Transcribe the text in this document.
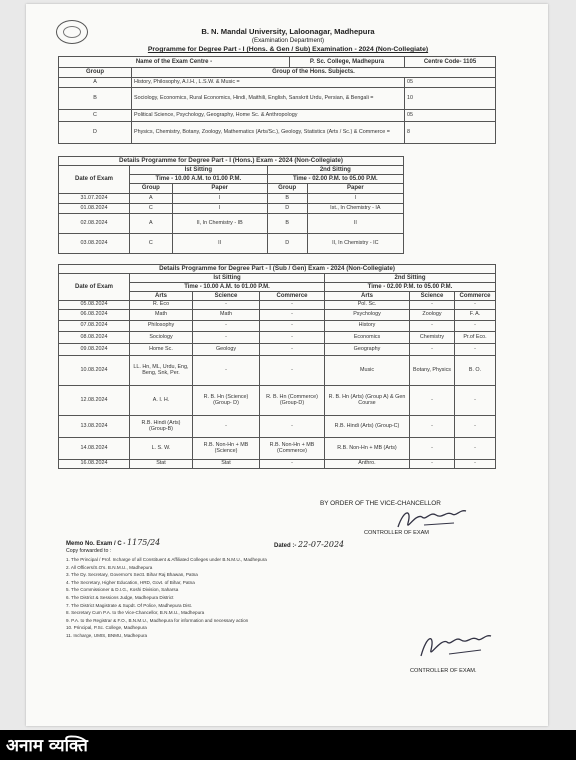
B. N. Mandal University, Laloonagar, Madhepura
(Examination Department)
Programme for Degree Part - I (Hons. & Gen / Sub) Examination - 2024 (Non-Collegiate)
Name of the Exam Centre -		P. Sc. College, Madhepura	Centre Code- 1105
Group	Group of the Hons. Subjects.		
A	History, Philosophy, A.I.H., L.S.W. & Music =		05
B	Sociology, Economics, Rural Economics, Hindi, Maithili, English, Sanskrit Urdu, Persian, & Bengali =		10
C	Political Science, Psychology, Geography, Home Sc. & Anthropology		05
D	Physics, Chemistry, Botany, Zoology, Mathematics (Arts/Sc.), Geology, Statistics (Arts / Sc.) & Commerce =		8
Details Programme for Degree Part - I (Hons.) Exam - 2024 (Non-Collegiate)				
Date of Exam	Ist Sitting		2nd Sitting	
	Time - 10.00 A.M. to 01.00 P.M.		Time - 02.00 P.M. to 05.00 P.M.	
	Group	Paper	Group	Paper
31.07.2024	A	I	B	I
01.08.2024	C	I	D	Ist., In Chemistry - IA
02.08.2024	A	II, In Chemistry - IB	B	II
03.08.2024	C	II	D	II, In Chemistry - IC
Details Programme for Degree Part - I (Sub / Gen) Exam - 2024 (Non-Collegiate)						
Date of Exam	Ist Sitting			2nd Sitting		
	Time - 10.00 A.M. to 01.00 P.M.			Time - 02.00 P.M. to 05.00 P.M.		
	Arts	Science	Commerce	Arts	Science	Commerce
05.08.2024	R. Eco	-	-	Pol. Sc.	-	-
06.08.2024	Math	Math	-	Psychology	Zoology	F. A.
07.08.2024	Philosophy	-	-	History	-	-
08.08.2024	Sociology	-	-	Economics	Chemistry	Pr.of Eco.
09.08.2024	Home Sc.	Geology	-	Geography	-	-
10.08.2024	LL. Hn, ML, Urdu, Eng, Beng, Snk, Per.	-	-	Music	Botany, Physics	B. O.
12.08.2024	A. I. H.	R. B. Hn (Science) (Group- D)	R. B. Hn (Commerce) (Group-D)	R. B. Hn (Arts) (Group A) & Gen Course	-	-
13.08.2024	R.B. Hindi (Arts) (Group-B)	-	-	R.B. Hindi (Arts) (Group-C)	-	-
14.08.2024	L. S. W.	R.B. Non-Hn + MB (Science)	R.B. Non-Hn + MB (Commerce)	R.B. Non-Hn + MB (Arts)	-	-
16.08.2024	Stat	Stat	-	Anthro.	-	-
BY ORDER OF THE VICE-CHANCELLOR
CONTROLLER OF EXAM
Memo No. Exam / C - 1175/24	Dated :- 22-07-2024
Copy forwarded to :
1. The Principal / Prof. Incharge of all Constituent & Affiliated Colleges under B.N.M.U., Madhepura
2. All Officers/S.O's. B.N.M.U., Madhepura
3. The Dy. Secretary, Governor's Sectt. Bihar Raj Bhawan, Patna
4. The Secretary, Higher Education, HRD, Govt. of Bihar, Patna
5. The Commissioner & D.I.G., Koshi Division, Saharsa
6. The District & Sessions Judge, Madhepura District
7. The District Magistrate & Supdt. Of Police, Madhepura Dist.
8. Secretary Cum P.A. to the Vice-Chancellor, B.N.M.U., Madhepura
9. P.A. to the Registrar & F.O., B.N.M.U., Madhepura for information and necessary action
10. Principal, P.Sc. College, Madhepura
11. Incharge, UMIS, BNMU, Madhepura
CONTROLLER OF EXAM.
अनाम व्यक्ति
